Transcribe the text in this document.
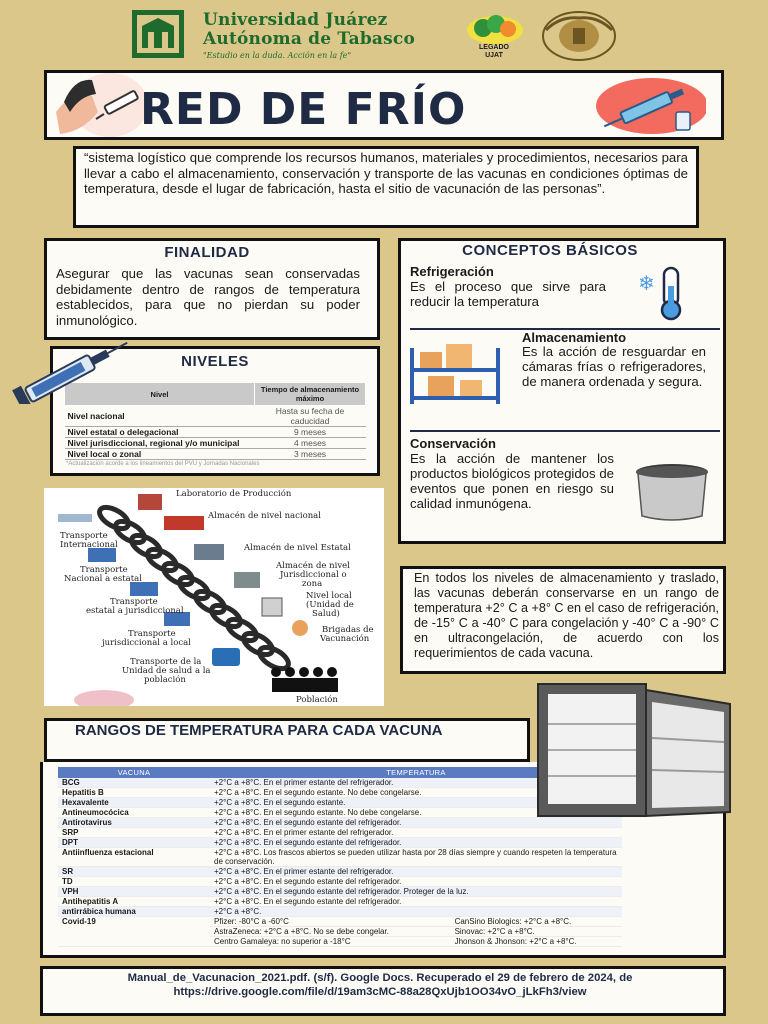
Universidad Juárez
Autónoma de Tabasco
"Estudio en la duda. Acción en la fe"
LEGADO
UJAT
RED DE FRÍO
“sistema logístico que comprende los recursos humanos, materiales y procedimientos, necesarios para llevar a cabo el almacenamiento, conservación y transporte de las vacunas en condiciones óptimas de temperatura, desde el lugar de fabricación, hasta el sitio de vacunación de las personas”.
FINALIDAD
Asegurar que las vacunas sean conservadas debidamente dentro de rangos de temperatura establecidos, para que no pierdan su poder inmunológico.
NIVELES
Nivel	Tiempo de almacenamiento máximo
Nivel nacional	Hasta su fecha de caducidad
Nivel estatal o delegacional	9 meses
Nivel jurisdiccional, regional y/o municipal	4 meses
Nivel local o zonal	3 meses
*Actualización acorde a los lineamientos del PVU y Jornadas Nacionales
CONCEPTOS BÁSICOS
Refrigeración
Es el proceso que sirve para reducir la temperatura
❄
Almacenamiento
Es la acción de resguardar en cámaras frías o refrigeradores, de manera ordenada y segura.
Conservación
Es la acción de mantener los productos biológicos protegidos de eventos que ponen en riesgo su calidad inmunógena.
Laboratorio de Producción
Almacén de nivel nacional
Transporte
Internacional	Almacén de nivel Estatal
Transporte
Nacional a estatal
Almacén de nivel
Jurisdiccional o
zona
Transporte
estatal a jurisdiccional
Nivel local
(Unidad de
Salud)
Transporte
jurisdiccional a local
Brigadas de
Vacunación
Transporte de la
Unidad de salud a la
población
Población
En todos los niveles de almacenamiento y traslado, las vacunas deberán conservarse en un rango de temperatura +2° C a +8° C en el caso de refrigeración, de -15° C a -40° C para congelación y -40° C a -90° C en ultracongelación, de acuerdo con los requerimientos de cada vacuna.
RANGOS DE TEMPERATURA PARA CADA VACUNA
VACUNA	TEMPERATURA	
BCG	+2°C a +8°C. En el primer estante del refrigerador.	
Hepatitis B	+2°C a +8°C. En el segundo estante. No debe congelarse.	
Hexavalente	+2°C a +8°C. En el segundo estante.	
Antineumocócica	+2°C a +8°C. En el segundo estante. No debe congelarse.	
Antirotavirus	+2°C a +8°C. En el segundo estante del refrigerador.	
SRP	+2°C a +8°C. En el primer estante del refrigerador.	
DPT	+2°C a +8°C. En el segundo estante del refrigerador.	
Antiinfluenza estacional	+2°C a +8°C. Los frascos abiertos se pueden utilizar hasta por 28 días siempre y cuando respeten la temperatura de conservación.	
SR	+2°C a +8°C. En el primer estante del refrigerador.	
TD	+2°C a +8°C. En el segundo estante del refrigerador.	
VPH	+2°C a +8°C. En el segundo estante del refrigerador. Proteger de la luz.	
Antihepatitis A	+2°C a +8°C. En el segundo estante del refrigerador.	
antirrábica humana	+2°C a +8°C.	
Covid-19	Pfizer: -80°C a -60°C	CanSino Biologics: +2°C a +8°C.
	AstraZeneca: +2°C a +8°C. No se debe congelar.	Sinovac: +2°C a +8°C.
	Centro Gamaleya: no superior a -18°C	Jhonson & Jhonson: +2°C a +8°C.
Manual_de_Vacunacion_2021.pdf. (s/f). Google Docs. Recuperado el 29 de febrero de 2024, de https://drive.google.com/file/d/19am3cMC-88a28QxUjb1OO34vO_jLkFh3/view
